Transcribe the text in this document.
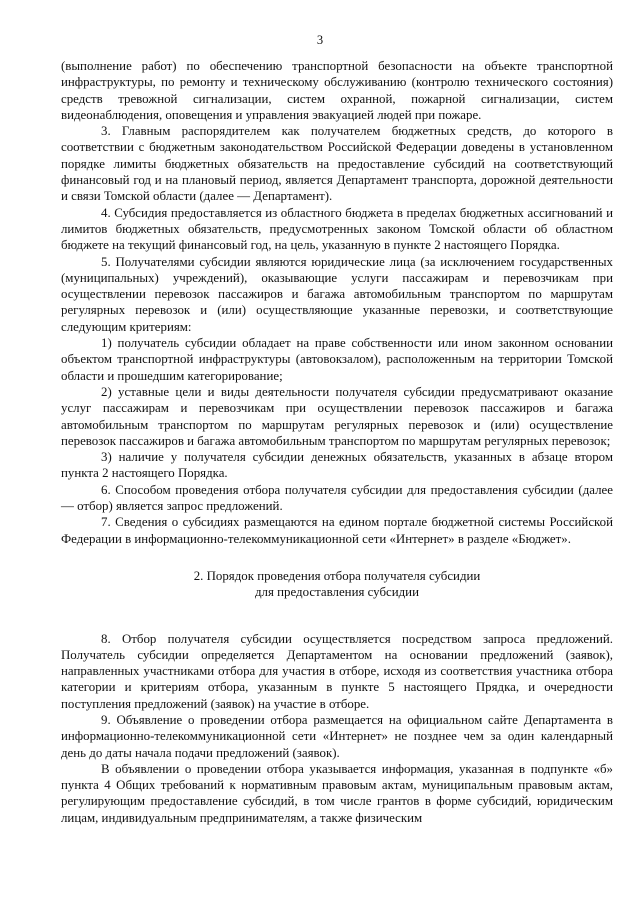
3

(выполнение работ) по обеспечению транспортной безопасности на объекте транспортной инфраструктуры, по ремонту и техническому обслуживанию (контролю технического состояния) средств тревожной сигнализации, систем охранной, пожарной сигнализации, систем видеонаблюдения, оповещения и управления эвакуацией людей при пожаре.

3. Главным распорядителем как получателем бюджетных средств, до которого в соответствии с бюджетным законодательством Российской Федерации доведены в установленном порядке лимиты бюджетных обязательств на предоставление субсидий на соответствующий финансовый год и на плановый период, является Департамент транспорта, дорожной деятельности и связи Томской области (далее — Департамент).

4. Субсидия предоставляется из областного бюджета в пределах бюджетных ассигнований и лимитов бюджетных обязательств, предусмотренных законом Томской области об областном бюджете на текущий финансовый год, на цель, указанную в пункте 2 настоящего Порядка.

5. Получателями субсидии являются юридические лица (за исключением государственных (муниципальных) учреждений), оказывающие услуги пассажирам и перевозчикам при осуществлении перевозок пассажиров и багажа автомобильным транспортом по маршрутам регулярных перевозок и (или) осуществляющие указанные перевозки, и соответствующие следующим критериям:

1) получатель субсидии обладает на праве собственности или ином законном основании объектом транспортной инфраструктуры (автовокзалом), расположенным на территории Томской области и прошедшим категорирование;

2) уставные цели и виды деятельности получателя субсидии предусматривают оказание услуг пассажирам и перевозчикам при осуществлении перевозок пассажиров и багажа автомобильным транспортом по маршрутам регулярных перевозок и (или) осуществление перевозок пассажиров и багажа автомобильным транспортом по маршрутам регулярных перевозок;

3) наличие у получателя субсидии денежных обязательств, указанных в абзаце втором пункта 2 настоящего Порядка.

6. Способом проведения отбора получателя субсидии для предоставления субсидии (далее — отбор) является запрос предложений.

7. Сведения о субсидиях размещаются на едином портале бюджетной системы Российской Федерации в информационно-телекоммуникационной сети «Интернет» в разделе «Бюджет».

2. Порядок проведения отбора получателя субсидии
для предоставления субсидии

8. Отбор получателя субсидии осуществляется посредством запроса предложений. Получатель субсидии определяется Департаментом на основании предложений (заявок), направленных участниками отбора для участия в отборе, исходя из соответствия участника отбора категории и критериям отбора, указанным в пункте 5 настоящего Прядка, и очередности поступления предложений (заявок) на участие в отборе.

9. Объявление о проведении отбора размещается на официальном сайте Департамента в информационно-телекоммуникационной сети «Интернет» не позднее чем за один календарный день до даты начала подачи предложений (заявок).

В объявлении о проведении отбора указывается информация, указанная в подпункте «б» пункта 4 Общих требований к нормативным правовым актам, муниципальным правовым актам, регулирующим предоставление субсидий, в том числе грантов в форме субсидий, юридическим лицам, индивидуальным предпринимателям, а также физическим
